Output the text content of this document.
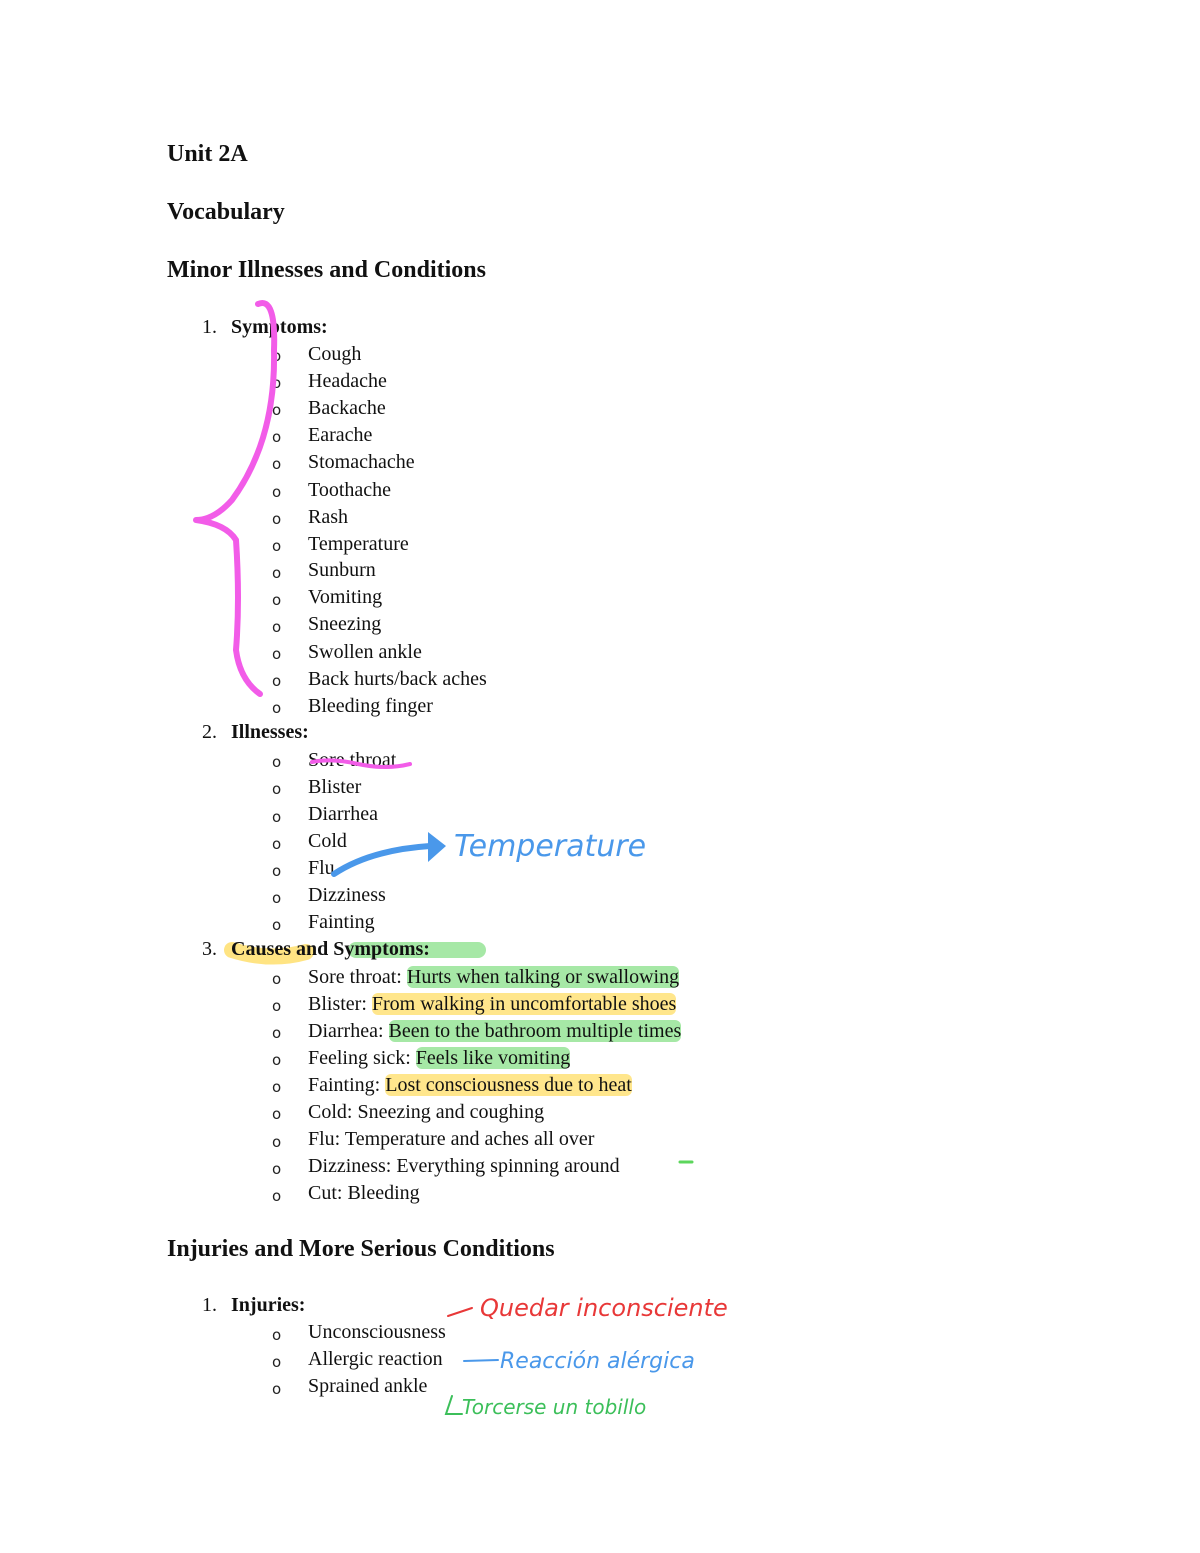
Unit 2A
Vocabulary
Minor Illnesses and Conditions
1. Symptoms:
o Cough
o Headache
o Backache
o Earache
o Stomachache
o Toothache
o Rash
o Temperature
o Sunburn
o Vomiting
o Sneezing
o Swollen ankle
o Back hurts/back aches
o Bleeding finger
2. Illnesses:
o Sore throat
o Blister
o Diarrhea
o Cold
o Flu
o Dizziness
o Fainting
3. Causes and Symptoms:
o Sore throat: Hurts when talking or swallowing
o Blister: From walking in uncomfortable shoes
o Diarrhea: Been to the bathroom multiple times
o Feeling sick: Feels like vomiting
o Fainting: Lost consciousness due to heat
o Cold: Sneezing and coughing
o Flu: Temperature and aches all over
o Dizziness: Everything spinning around
o Cut: Bleeding
Injuries and More Serious Conditions
1. Injuries:
o Unconsciousness
o Allergic reaction
o Sprained ankle
Temperature
Quedar inconsciente
Reacción alérgica
Torcerse un tobillo
